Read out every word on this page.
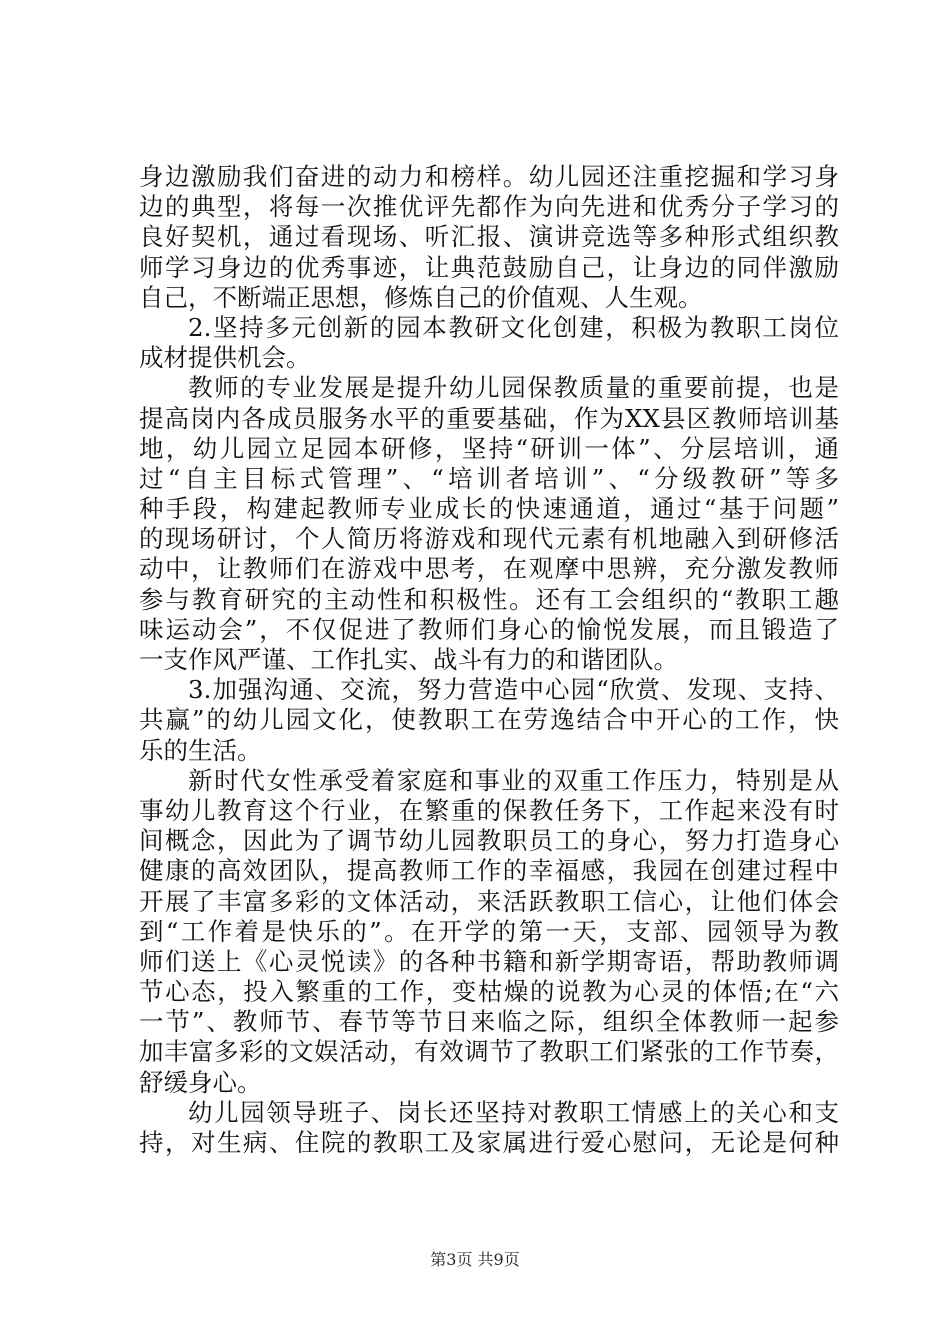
身边激励我们奋进的动力和榜样。幼儿园还注重挖掘和学习身
边的典型，将每一次推优评先都作为向先进和优秀分子学习的
良好契机，通过看现场、听汇报、演讲竞选等多种形式组织教
师学习身边的优秀事迹，让典范鼓励自己，让身边的同伴激励
自己，不断端正思想，修炼自己的价值观、人生观。
2.坚持多元创新的园本教研文化创建，积极为教职工岗位
成材提供机会。
教师的专业发展是提升幼儿园保教质量的重要前提，也是
提高岗内各成员服务水平的重要基础，作为XX县区教师培训基
地，幼儿园立足园本研修，坚持“研训一体”、分层培训，通
过“自主目标式管理”、“培训者培训”、“分级教研”等多
种手段，构建起教师专业成长的快速通道，通过“基于问题”
的现场研讨，个人简历将游戏和现代元素有机地融入到研修活
动中，让教师们在游戏中思考，在观摩中思辨，充分激发教师
参与教育研究的主动性和积极性。还有工会组织的“教职工趣
味运动会”，不仅促进了教师们身心的愉悦发展，而且锻造了
一支作风严谨、工作扎实、战斗有力的和谐团队。
3.加强沟通、交流，努力营造中心园“欣赏、发现、支持、
共赢”的幼儿园文化，使教职工在劳逸结合中开心的工作，快
乐的生活。
新时代女性承受着家庭和事业的双重工作压力，特别是从
事幼儿教育这个行业，在繁重的保教任务下，工作起来没有时
间概念，因此为了调节幼儿园教职员工的身心，努力打造身心
健康的高效团队，提高教师工作的幸福感，我园在创建过程中
开展了丰富多彩的文体活动，来活跃教职工信心，让他们体会
到“工作着是快乐的”。在开学的第一天，支部、园领导为教
师们送上《心灵悦读》的各种书籍和新学期寄语，帮助教师调
节心态，投入繁重的工作，变枯燥的说教为心灵的体悟;在“六
一节”、教师节、春节等节日来临之际，组织全体教师一起参
加丰富多彩的文娱活动，有效调节了教职工们紧张的工作节奏，
舒缓身心。
幼儿园领导班子、岗长还坚持对教职工情感上的关心和支
持，对生病、住院的教职工及家属进行爱心慰问，无论是何种
第3页 共9页
